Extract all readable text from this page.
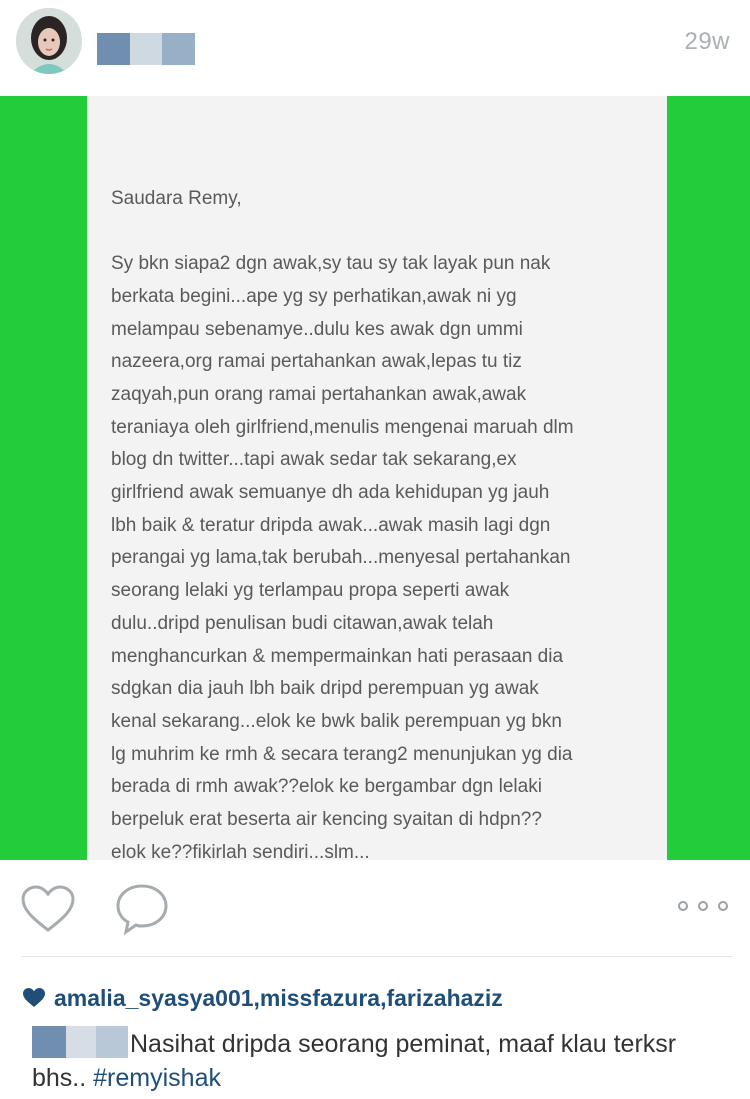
29w

Saudara Remy,
Sy bkn siapa2 dgn awak,sy tau sy tak layak pun nak
berkata begini...ape yg sy perhatikan,awak ni yg
melampau sebenamye..dulu kes awak dgn ummi
nazeera,org ramai pertahankan awak,lepas tu tiz
zaqyah,pun orang ramai pertahankan awak,awak
teraniaya oleh girlfriend,menulis mengenai maruah dlm
blog dn twitter...tapi awak sedar tak sekarang,ex
girlfriend awak semuanye dh ada kehidupan yg jauh
lbh baik & teratur dripda awak...awak masih lagi dgn
perangai yg lama,tak berubah...menyesal pertahankan
seorang lelaki yg terlampau propa seperti awak
dulu..dripd penulisan budi citawan,awak telah
menghancurkan & mempermainkan hati perasaan dia
sdgkan dia jauh lbh baik dripd perempuan yg awak
kenal sekarang...elok ke bwk balik perempuan yg bkn
lg muhrim ke rmh & secara terang2 menunjukan yg dia
berada di rmh awak??elok ke bergambar dgn lelaki
berpeluk erat beserta air kencing syaitan di hdpn??
elok ke??fikirlah sendiri...slm...

amalia_syasya001 , missfazura , farizahaziz
Nasihat dripda seorang peminat, maaf klau terksr bhs.. #remyishak
